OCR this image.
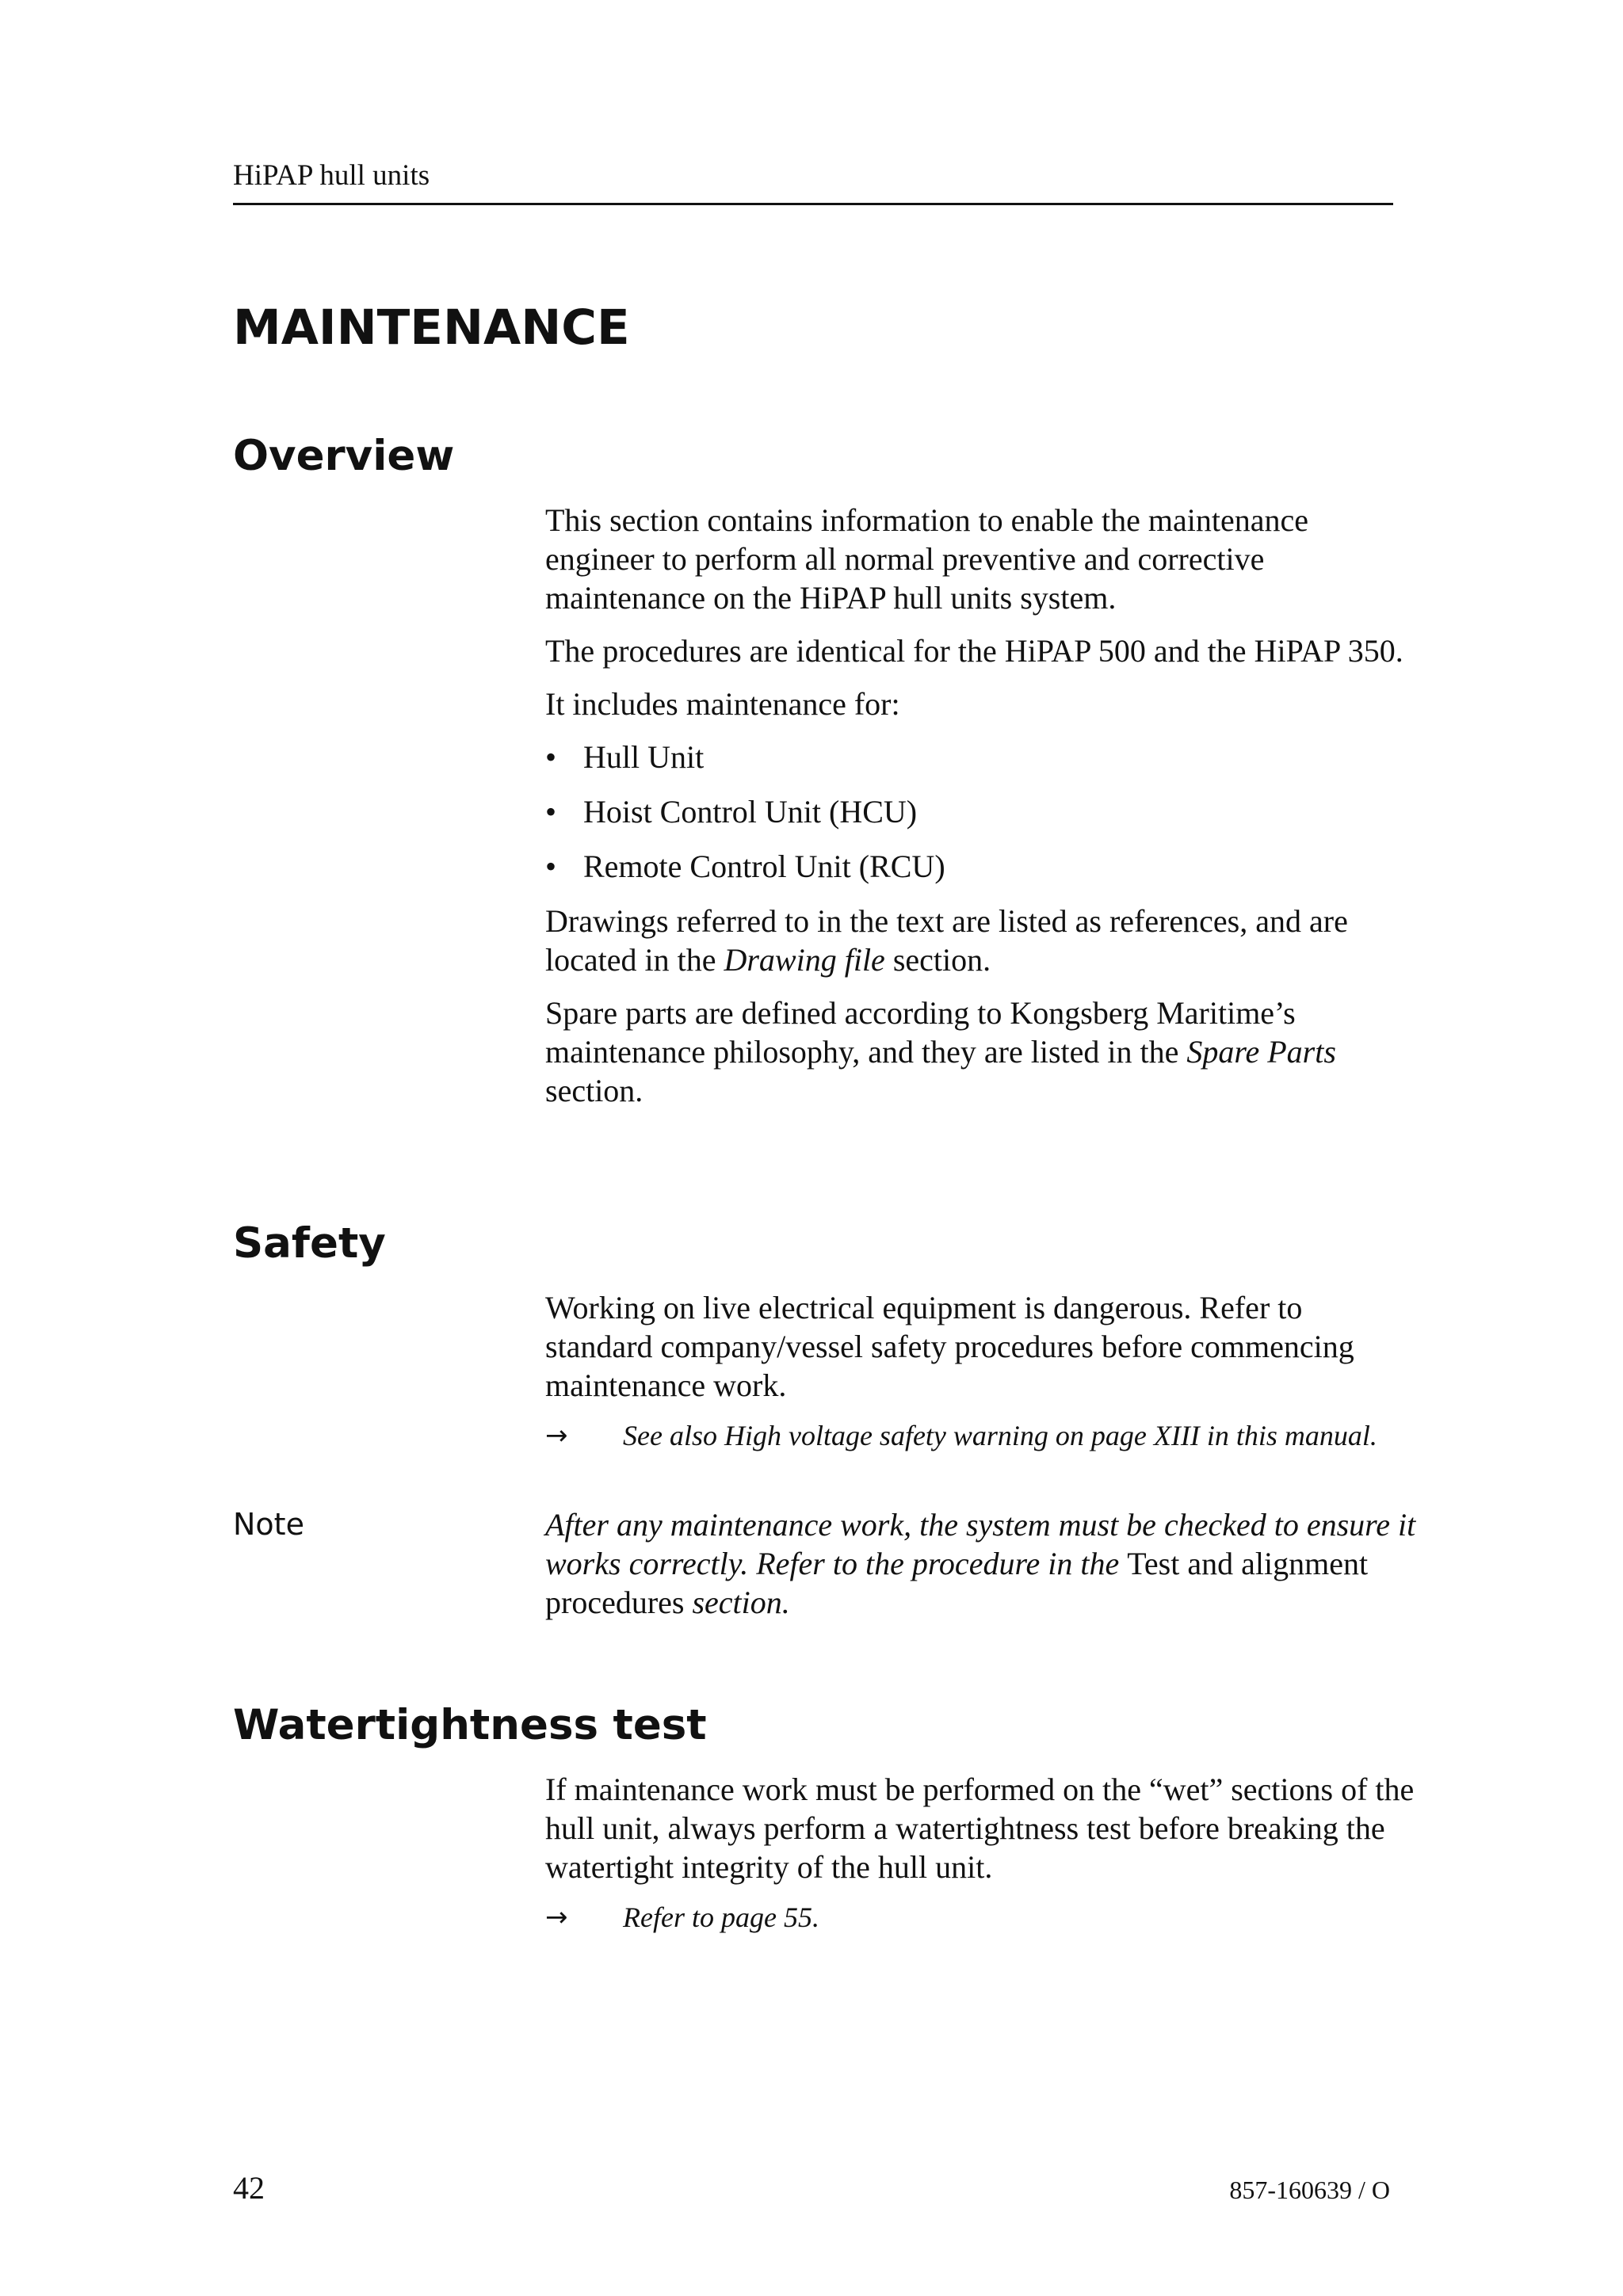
HiPAP hull units
MAINTENANCE
Overview

This section contains information to enable the maintenance engineer to perform all normal preventive and corrective maintenance on the HiPAP hull units system.

The procedures are identical for the HiPAP 500 and the HiPAP 350.

It includes maintenance for:

• Hull Unit
• Hoist Control Unit (HCU)
• Remote Control Unit (RCU)

Drawings referred to in the text are listed as references, and are located in the Drawing file section.

Spare parts are defined according to Kongsberg Maritime’s maintenance philosophy, and they are listed in the Spare Parts section.

Safety

Working on live electrical equipment is dangerous. Refer to standard company/vessel safety procedures before commencing maintenance work.

→ See also High voltage safety warning on page XIII in this manual.

Note	After any maintenance work, the system must be checked to ensure it works correctly. Refer to the procedure in the Test and alignment procedures section.

Watertightness test

If maintenance work must be performed on the “wet” sections of the hull unit, always perform a watertightness test before breaking the watertight integrity of the hull unit.

→ Refer to page 55.

42	857-160639 / O
